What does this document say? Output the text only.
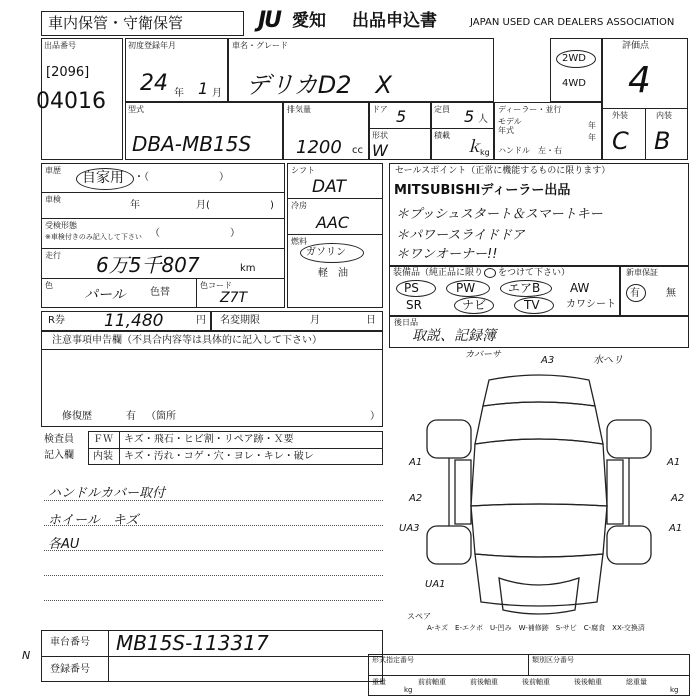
車内保管・守衛保管	JU 愛知 出品申込書	JAPAN USED CAR DEALERS ASSOCIATION
出品番号
[2096]
04016
初度登録年月
24 年 1 月
車名・グレード
デリカD2　X
2WD
4WD
評価点
4
外装	内装
C B
型式
DBA-MB15S
排気量
1200 cc
ドア 5
形状
W
定員 5 人
積載
ｋ
kg
ディーラー・並行
モデル	年
年式
年
ハンドル　左・右
車歴 自家用 ・（　　　　　　　）
車検
年	月(	)
受検形態
※車検付きのみ記入して下さい （　　　　　　　）
走行 6万5千807	km
色
パール 色替
色コード
Z7T
シフト
DAT
冷房
AAC
燃料
ガソリン
軽　油
セールスポイント（正常に機能するものに限ります）
MITSUBISHIディーラー出品
＊プッシュスタート＆スマートキー
＊パワースライドドア
＊ワンオーナー!!
装備品（純正品に限り をつけて下さい）
PS	PW	エアB AW
SR	ナビ	TV	カワシート
新車保証
有	無
R券 11,480	円 名変期限	月	日 後日品
取説、記録簿
注意事項申告欄（不具合内容等は具体的に記入して下さい）
修復歴	有 （箇所	）
検査員
記入欄
ＦＷ キズ・飛石・ヒビ割・リペア跡・Ｘ要
内装 キズ・汚れ・コゲ・穴・ヨレ・キレ・破レ
ハンドルカバー取付
ホイール　キズ
各AU
カバーサ	A3	水ヘリ
A1	A1
A2	A2
UA3	A1
UA1
スペア
A-キズ　E-エクボ　U-凹み　W-補修跡　S-サビ　C-腐食　XX-交換済
N
車台番号 MB15S-113317
登録番号
形式指定番号	類別区分番号
重量
kg
前前軸重	前後軸重	後前軸重	後後軸重	総重量
kg
